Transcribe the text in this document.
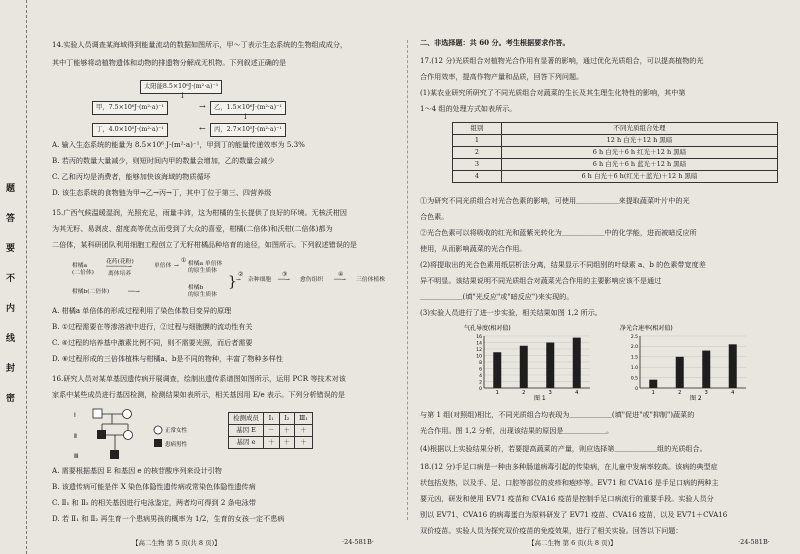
题
答
要
不
内
线
封
密

14.实验人员调查某海域得到能量流动的数据如图所示，甲～丁表示生态系统的生物组成成分，

其中丁能够将动植物遗体和动物的排遗物分解成无机物。下列叙述正确的是

太阳能8.5×10⁶J·(m²·a)⁻¹
↓
甲，7.5×10⁶J·(m²·a)⁻¹	→	乙，1.5×10⁶J·(m²·a)⁻¹
↓
丁，4.0×10⁵J·(m²·a)⁻¹	←	丙，2.7×10⁵J·(m²·a)⁻¹

A. 输入生态系统的能量为 8.5×10⁶ J·(m²·a)⁻¹，甲到丁的能量传递效率为 5.3%

B. 若丙的数量大量减少，则短时间内甲的数量会增加，乙的数量会减少

C. 乙和丙均是消费者，能够加快该海域的物质循环

D. 该生态系统的食物链为甲→乙→丙→丁，其中丁位于第三、四营养级

15.广西气候温暖湿润，光照充足，雨量丰沛，这为柑橘的生长提供了良好的环境。无核沃柑因

为其无籽、易剥皮、甜度高等优点而受到了大众的喜爱，柑橘(二倍体)和沃柑(二倍体)都为

二倍体，某科研团队利用细胞工程创立了无籽柑橘品种培育的途径，如图所示。下列叙述错误的是

柑橘a
(二倍体)
花药(花粉)
──────→
离体培养
单倍体
①
→ 柑橘a 单倍体
的原生质体
柑橘b(二倍体)	──→
柑橘b
的原生质体
} ②
→ 杂种细胞
③
──→ 愈伤组织
④
──→ 三倍体植株

A. 柑橘a 单倍体的形成过程利用了染色体数目变异的原理

B. ①过程需要在等渗溶液中进行，②过程与细胞膜的流动性有关

C. ④过程的培养基中激素比例不同，则不需要光照，而后者需要

D. ⑥过程形成的三倍体植株与柑橘a、b是不同的物种，丰富了物种多样性

16.研究人员对某单基因遗传病开展调查，绘制出遗传系谱图如图所示，运用 PCR 等技术对该

家系中某些成员进行基因检测，检测结果如表所示，相关基因用 E/e 表示。下列分析错误的是

Ⅰ
Ⅱ
Ⅲ
正常女性
患病男性
检测成员	Ⅰ₁	Ⅰ₂	Ⅲ₁
基因 E	－	＋	＋
基因 e	＋	＋	＋

A. 需要根据基因 E 和基因 e 的核苷酸序列来设计引物

B. 该遗传病可能是伴 X 染色体隐性遗传病或常染色体隐性遗传病

C. Ⅱ₁ 和 Ⅱ₂ 的相关基因进行电泳鉴定，两者均可得到 2 条电泳带

D. 若 Ⅱ₁ 和 Ⅱ₂ 再生育一个患病男孩的概率为 1/2，生育的女孩一定不患病

【高二生物 第 5 页(共 8 页)】	·24-581B·

二、非选择题：共 60 分。考生根据要求作答。

17.(12 分)光质组合对植物光合作用有显著的影响，通过优化光质组合，可以提高植物的光

合作用效率，提高作物产量和品质，回答下列问题。

(1)某农业研究所研究了不同光质组合对蔬菜的生长及其生理生化特性的影响，其中第

1～4 组的处理方式如表所示。

组别	不同光质组合处理
1	12 h 白光＋12 h 黑暗
2	6 h 白光＋6 h 红光＋12 h 黑暗
3	6 h 白光＋6 h 蓝光＋12 h 黑暗
4	6 h 白光＋6 h(红光＋蓝光)＋12 h 黑暗

①为研究不同光质组合对光合色素的影响，可使用＿＿＿＿＿＿来提取蔬菜叶片中的光

合色素。

②光合色素可以将吸收的红光和蓝紫光转化为＿＿＿＿＿＿中的化学能，进而被暗反应所

使用，从而影响蔬菜的光合作用。

(2)将提取出的光合色素用纸层析法分离，结果显示不同组别的叶绿素 a、b 的色素带宽度差

异不明显。该结果说明不同光质组合对蔬菜光合作用的主要影响应该不是通过

＿＿＿＿＿＿(填"光反应"或"暗反应")来实现的。

(3)实验人员进行了进一步实验，相关结果如图 1,2 所示。

气孔导度(相对值)
1	2	3	4
0
2
4
6
8
10
12
14
16
图 1
净光合速率(相对值)
1	2	3	4
0
0.5
1.0
1.5
2.0
2.5
图 2

与第 1 组(对照组)相比，不同光质组合均表现为＿＿＿＿＿＿(填"促进"或"抑制")蔬菜的

光合作用。图 1,2 分析，出现该结果的原因是＿＿＿＿＿＿。

(4)根据以上实验结果分析，若要提高蔬菜的产量，则应选择第＿＿＿＿＿＿组的光质组合。

18.(12 分)手足口病是一种由多种肠道病毒引起的传染病，在儿童中发病率较高。该病的典型症

状包括发热，以及手、足、口腔等部位的皮疹和疱疹等。EV71 和 CVA16 是手足口病的两种主

要元凶，研发和使用 EV71 疫苗和 CVA16 疫苗是控制手足口病流行的重要手段。实验人员分

别以 EV71、CVA16 的病毒蛋白为原料研发了 EV71 疫苗、CVA16 疫苗，以及 EV71＋CVA16

双价疫苗。实验人员为探究双价疫苗的免疫效果，进行了相关实验。回答以下问题：

【高二生物 第 6 页(共 8 页)】	·24-581B·
